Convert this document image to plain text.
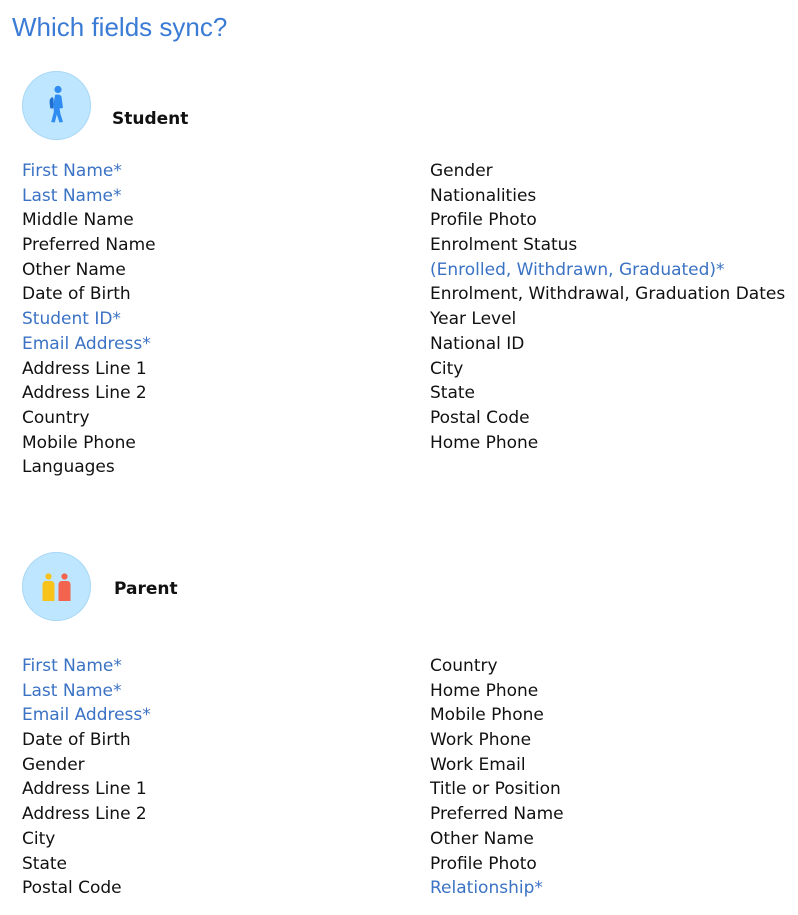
Which fields sync?
Student
First Name*
Last Name*
Middle Name
Preferred Name
Other Name
Date of Birth
Student ID*
Email Address*
Address Line 1
Address Line 2
Country
Mobile Phone
Languages
Gender
Nationalities
Profile Photo
Enrolment Status
(Enrolled, Withdrawn, Graduated)*
Enrolment, Withdrawal, Graduation Dates
Year Level
National ID
City
State
Postal Code
Home Phone
Parent
First Name*
Last Name*
Email Address*
Date of Birth
Gender
Address Line 1
Address Line 2
City
State
Postal Code
Country
Home Phone
Mobile Phone
Work Phone
Work Email
Title or Position
Preferred Name
Other Name
Profile Photo
Relationship*
